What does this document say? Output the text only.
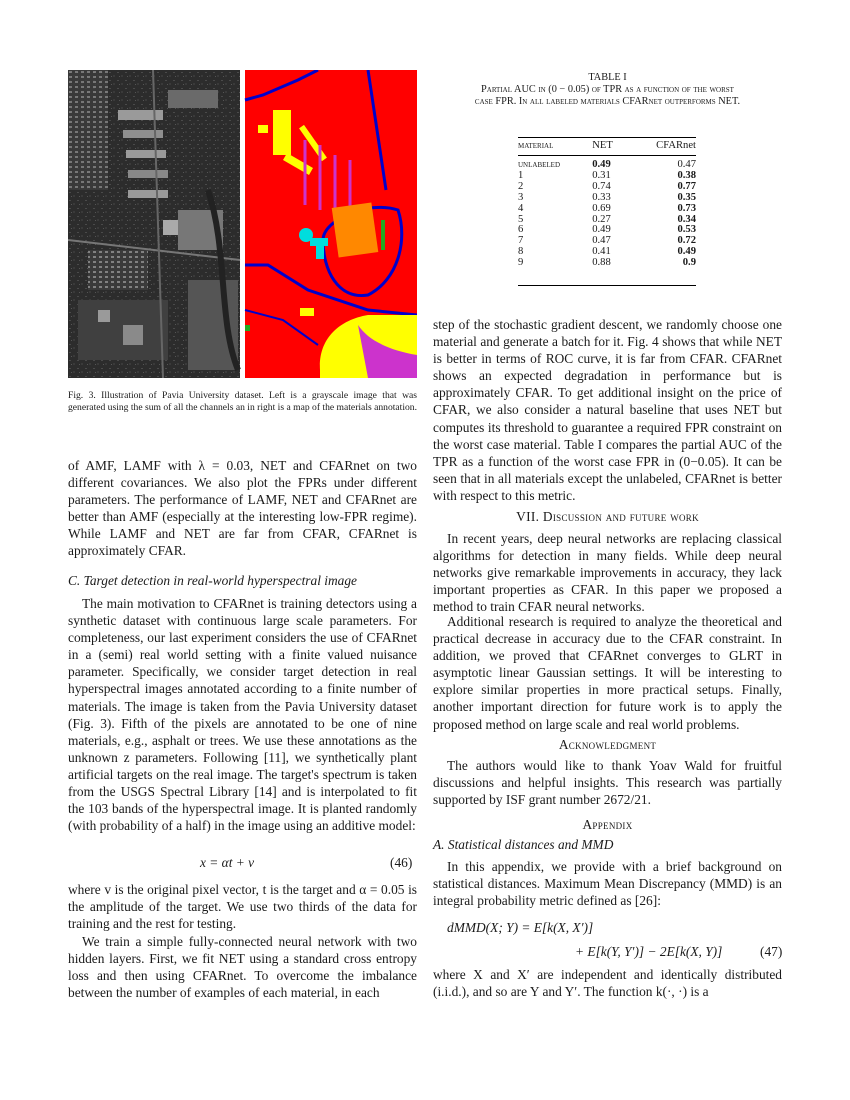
Fig. 3. Illustration of Pavia University dataset. Left is a grayscale image that was generated using the sum of all the channels an in right is a map of the materials annotation.

of AMF, LAMF with λ = 0.03, NET and CFARnet on two different covariances. We also plot the FPRs under different parameters. The performance of LAMF, NET and CFARnet are better than AMF (especially at the interesting low-FPR regime). While LAMF and NET are far from CFAR, CFARnet is approximately CFAR.

C. Target detection in real-world hyperspectral image

The main motivation to CFARnet is training detectors using a synthetic dataset with continuous large scale parameters. For completeness, our last experiment considers the use of CFARnet in a (semi) real world setting with a finite valued nuisance parameter. Specifically, we consider target detection in real hyperspectral images annotated according to a finite number of materials. The image is taken from the Pavia University dataset (Fig. 3). Fifth of the pixels are annotated to be one of nine materials, e.g., asphalt or trees. We use these annotations as the unknown z parameters. Following [11], we synthetically plant artificial targets on the real image. The target's spectrum is taken from the USGS Spectral Library [14] and is interpolated to fit the 103 bands of the hyperspectral image. It is planted randomly (with probability of a half) in the image using an additive model:

x = αt + v	(46)

where v is the original pixel vector, t is the target and α = 0.05 is the amplitude of the target. We use two thirds of the data for training and the rest for testing.

We train a simple fully-connected neural network with two hidden layers. First, we fit NET using a standard cross entropy loss and then using CFARnet. To overcome the imbalance between the number of examples of each material, in each

TABLE I
Partial AUC in (0 − 0.05) of TPR as a function of the worst
case FPR. In all labeled materials CFARnet outperforms NET.
material	NET	CFARnet
unlabeled	0.49	0.47
1	0.31	0.38
2	0.74	0.77
3	0.33	0.35
4	0.69	0.73
5	0.27	0.34
6	0.49	0.53
7	0.47	0.72
8	0.41	0.49
9	0.88	0.9

step of the stochastic gradient descent, we randomly choose one material and generate a batch for it. Fig. 4 shows that while NET is better in terms of ROC curve, it is far from CFAR. CFARnet shows an expected degradation in performance but is approximately CFAR. To get additional insight on the price of CFAR, we also consider a natural baseline that uses NET but computes its threshold to guarantee a required FPR constraint on the worst case material. Table I compares the partial AUC of the TPR as a function of the worst case FPR in (0−0.05). It can be seen that in all materials except the unlabeled, CFARnet is better with respect to this metric.

VII. Discussion and future work

In recent years, deep neural networks are replacing classical algorithms for detection in many fields. While deep neural networks give remarkable improvements in accuracy, they lack important properties as CFAR. In this paper we proposed a method to train CFAR neural networks.

Additional research is required to analyze the theoretical and practical decrease in accuracy due to the CFAR constraint. In addition, we proved that CFARnet converges to GLRT in asymptotic linear Gaussian settings. It will be interesting to explore similar properties in more practical setups. Finally, another important direction for future work is to apply the proposed method on large scale and real world problems.

Acknowledgment

The authors would like to thank Yoav Wald for fruitful discussions and helpful insights. This research was partially supported by ISF grant number 2672/21.

Appendix

A. Statistical distances and MMD

In this appendix, we provide with a brief background on statistical distances. Maximum Mean Discrepancy (MMD) is an integral probability metric defined as [26]:

dMMD(X; Y) = E[k(X, X′)]
+ E[k(Y, Y′)] − 2E[k(X, Y)]	(47)

where X and X′ are independent and identically distributed (i.i.d.), and so are Y and Y′. The function k(·, ·) is a
